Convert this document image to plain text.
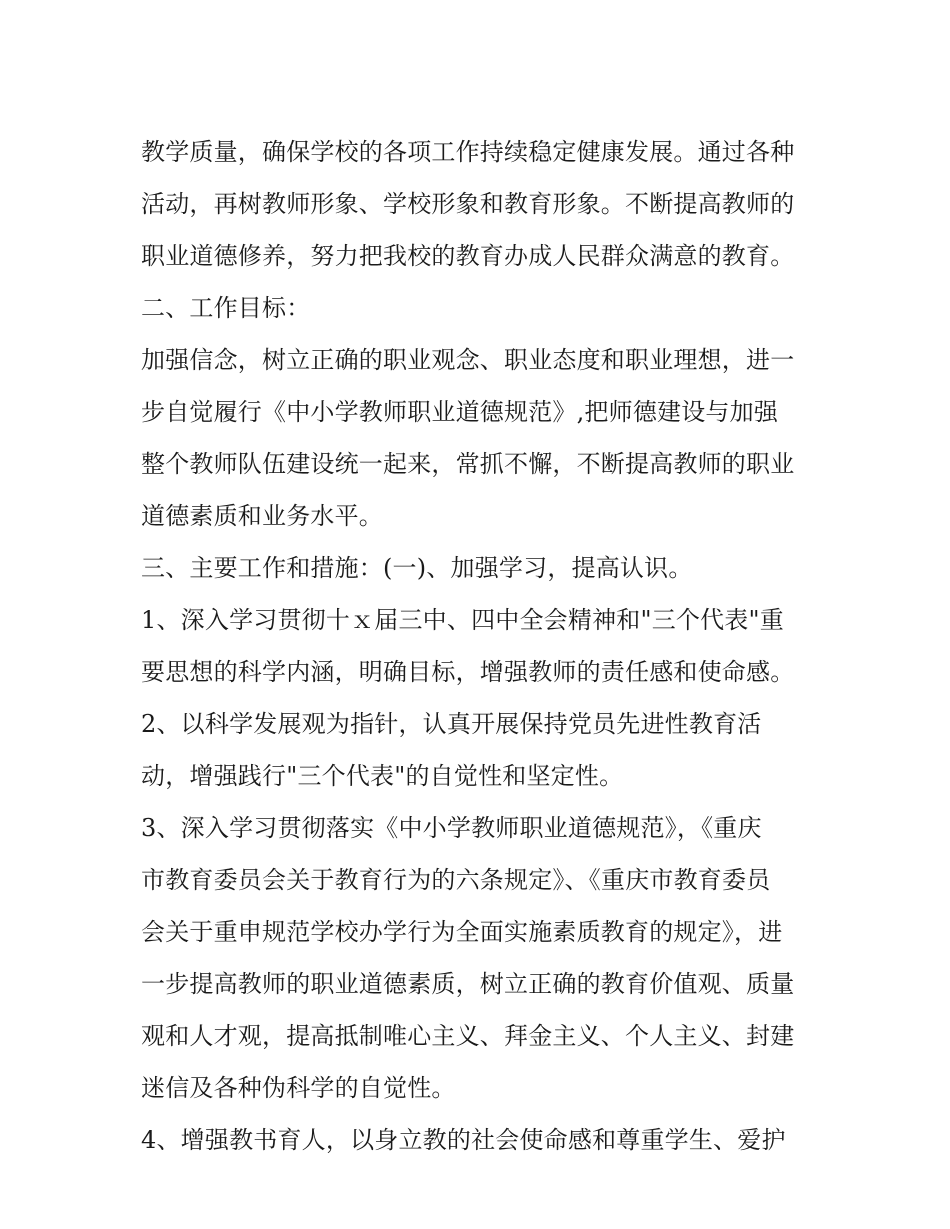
教学质量，确保学校的各项工作持续稳定健康发展。通过各种
活动，再树教师形象、学校形象和教育形象。不断提高教师的
职业道德修养，努力把我校的教育办成人民群众满意的教育。
二、工作目标：
加强信念，树立正确的职业观念、职业态度和职业理想，进一
步自觉履行《中小学教师职业道德规范》,把师德建设与加强
整个教师队伍建设统一起来，常抓不懈，不断提高教师的职业
道德素质和业务水平。
三、主要工作和措施：(一)、加强学习，提高认识。
1、深入学习贯彻十ｘ届三中、四中全会精神和"三个代表"重
要思想的科学内涵，明确目标，增强教师的责任感和使命感。
2、以科学发展观为指针，认真开展保持党员先进性教育活
动，增强践行"三个代表"的自觉性和坚定性。
3、深入学习贯彻落实《中小学教师职业道德规范》，《重庆
市教育委员会关于教育行为的六条规定》、《重庆市教育委员
会关于重申规范学校办学行为全面实施素质教育的规定》，进
一步提高教师的职业道德素质，树立正确的教育价值观、质量
观和人才观，提高抵制唯心主义、拜金主义、个人主义、封建
迷信及各种伪科学的自觉性。
4、增强教书育人，以身立教的社会使命感和尊重学生、爱护
